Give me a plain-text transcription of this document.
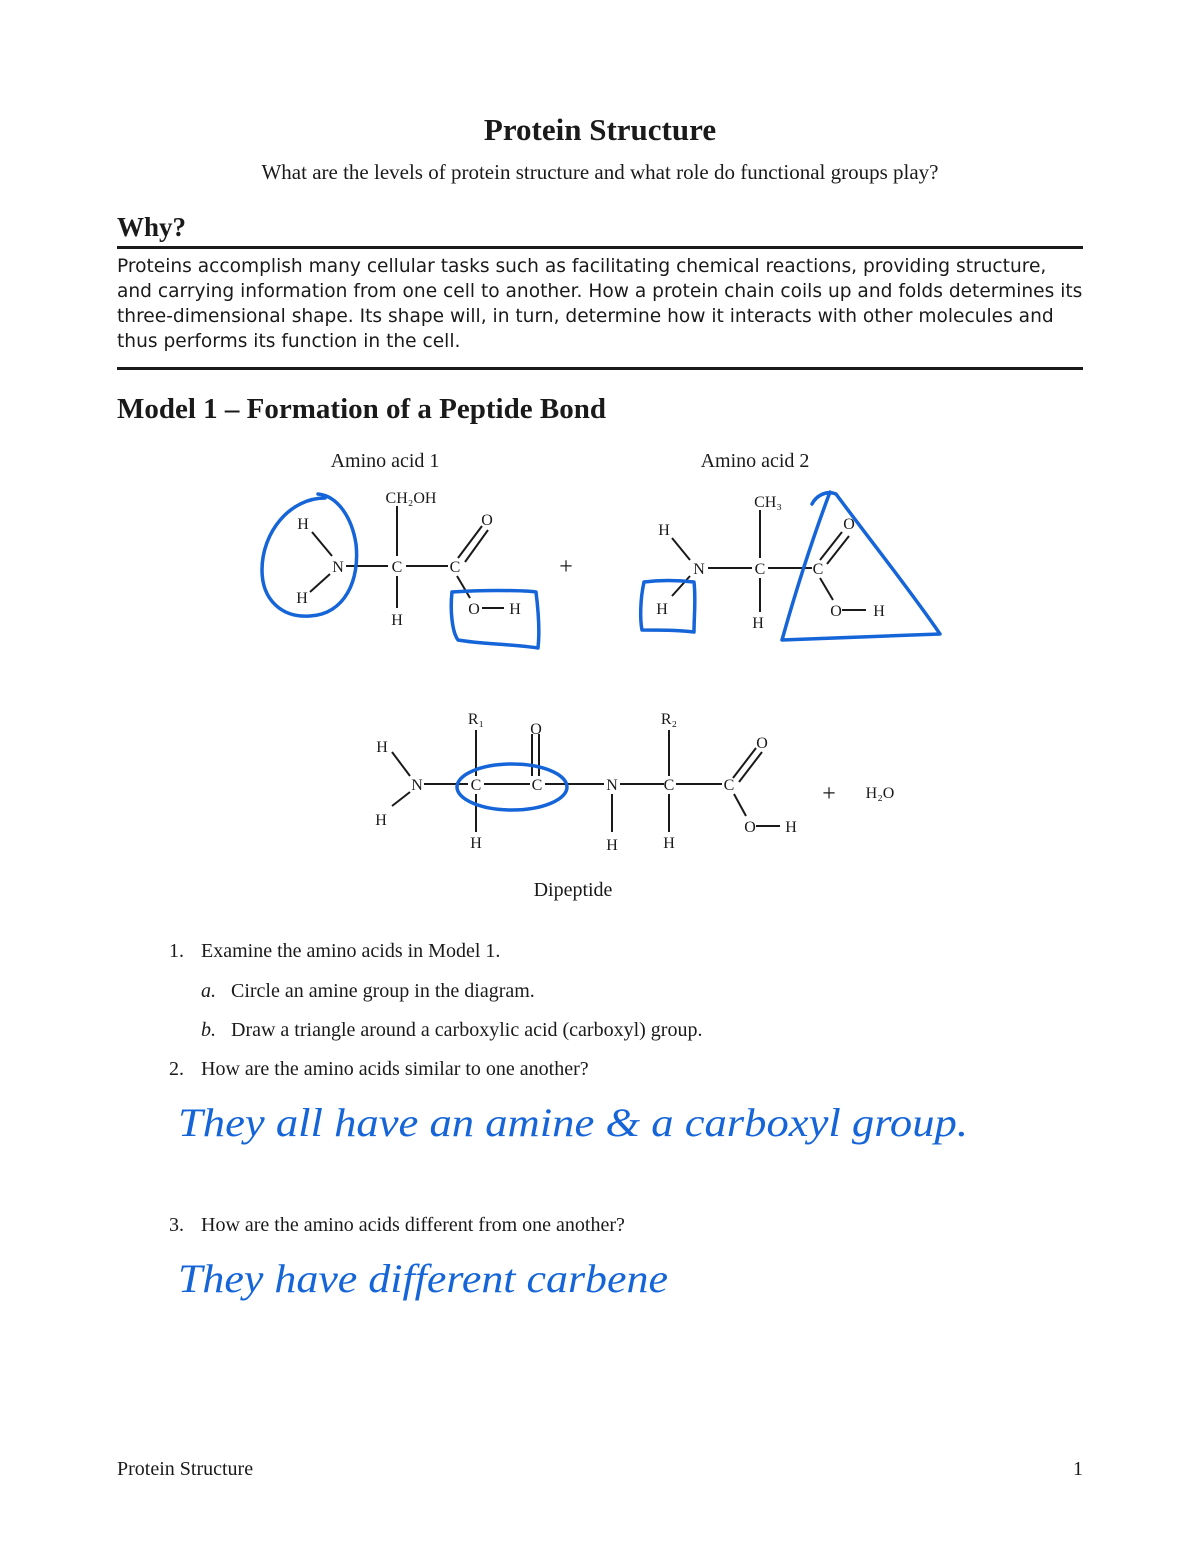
Protein Structure
What are the levels of protein structure and what role do functional groups play?
Why?
Proteins accomplish many cellular tasks such as facilitating chemical reactions, providing structure, and carrying information from one cell to another. How a protein chain coils up and folds determines its three-dimensional shape. Its shape will, in turn, determine how it interacts with other molecules and thus performs its function in the cell.
Model 1 – Formation of a Peptide Bond
Amino acid 1	Amino acid 2
Dipeptide
CH₂OH
H
N
H
C
H
C
O
O H
+
CH₃
H
N
H
C
H
C
O
O H
R₁	R₂
H
N
H
C
H
O
C	N
H
C
H
C
O
O H
+ H₂O
1. Examine the amino acids in Model 1.
a. Circle an amine group in the diagram.
b. Draw a triangle around a carboxylic acid (carboxyl) group.
2. How are the amino acids similar to one another?
They all have an amine & a carboxyl group.
3. How are the amino acids different from one another?
They have different carbene
Protein Structure	1
